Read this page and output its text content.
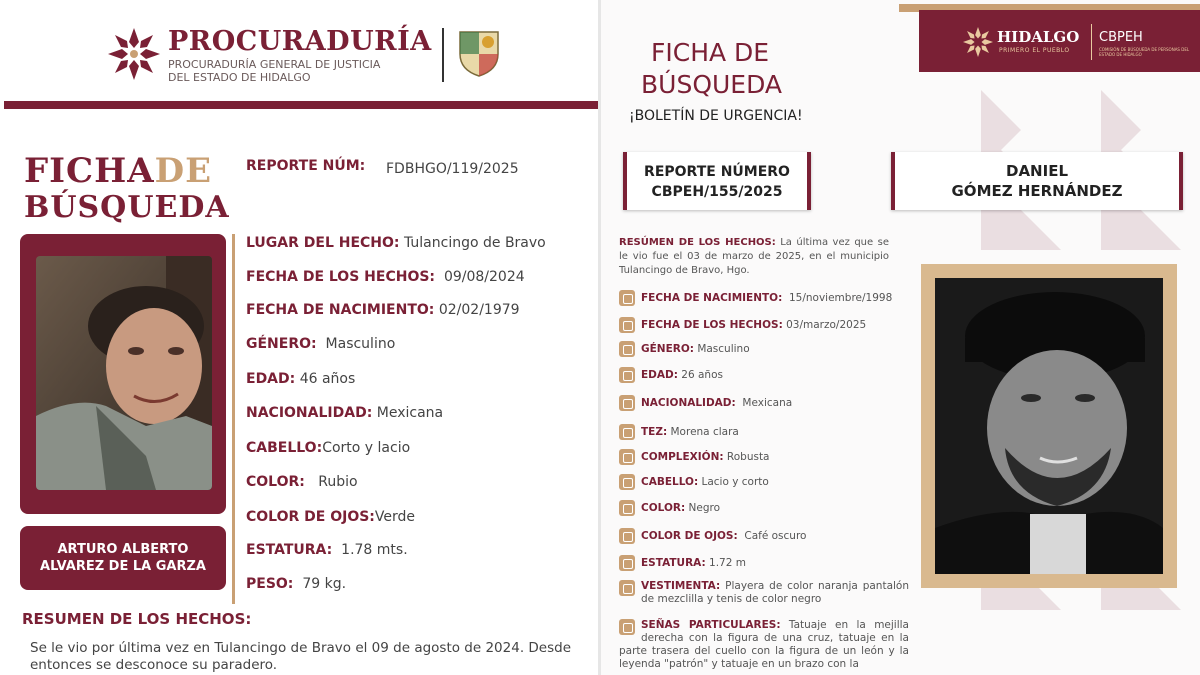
PROCURADURÍA
PROCURADURÍA GENERAL DE JUSTICIA
DEL ESTADO DE HIDALGO
FICHADE
BÚSQUEDA
ARTURO ALBERTO
ALVAREZ DE LA GARZA
REPORTE NÚM: FDBHGO/119/2025
LUGAR DEL HECHO: Tulancingo de Bravo
FECHA DE LOS HECHOS: 09/08/2024
FECHA DE NACIMIENTO: 02/02/1979
GÉNERO: Masculino
EDAD: 46 años
NACIONALIDAD: Mexicana
CABELLO:Corto y lacio
COLOR: Rubio
COLOR DE OJOS:Verde
ESTATURA: 1.78 mts.
PESO: 79 kg.
RESUMEN DE LOS HECHOS:
Se le vio por última vez en Tulancingo de Bravo el 09 de agosto de 2024. Desde entonces se desconoce su paradero.
HIDALGO
PRIMERO EL PUEBLO
CBPEH
COMISIÓN DE BÚSQUEDA DE PERSONAS DEL ESTADO DE HIDALGO
FICHA DE
BÚSQUEDA
¡BOLETÍN DE URGENCIA!
REPORTE NÚMERO
CBPEH/155/2025
DANIEL
GÓMEZ HERNÁNDEZ
RESÚMEN DE LOS HECHOS: La última vez que se le vio fue el 03 de marzo de 2025, en el municipio Tulancingo de Bravo, Hgo.
FECHA DE NACIMIENTO: 15/noviembre/1998
FECHA DE LOS HECHOS: 03/marzo/2025
GÉNERO: Masculino
EDAD: 26 años
NACIONALIDAD: Mexicana
TEZ: Morena clara
COMPLEXIÓN: Robusta
CABELLO: Lacio y corto
COLOR: Negro
COLOR DE OJOS: Café oscuro
ESTATURA: 1.72 m
VESTIMENTA: Playera de color naranja pantalón de mezclilla y tenis de color negro
SEÑAS PARTICULARES: Tatuaje en la mejilla derecha con la figura de una cruz, tatuaje en la parte trasera del cuello con la figura de un león y la leyenda "patrón" y tatuaje en un brazo con la
